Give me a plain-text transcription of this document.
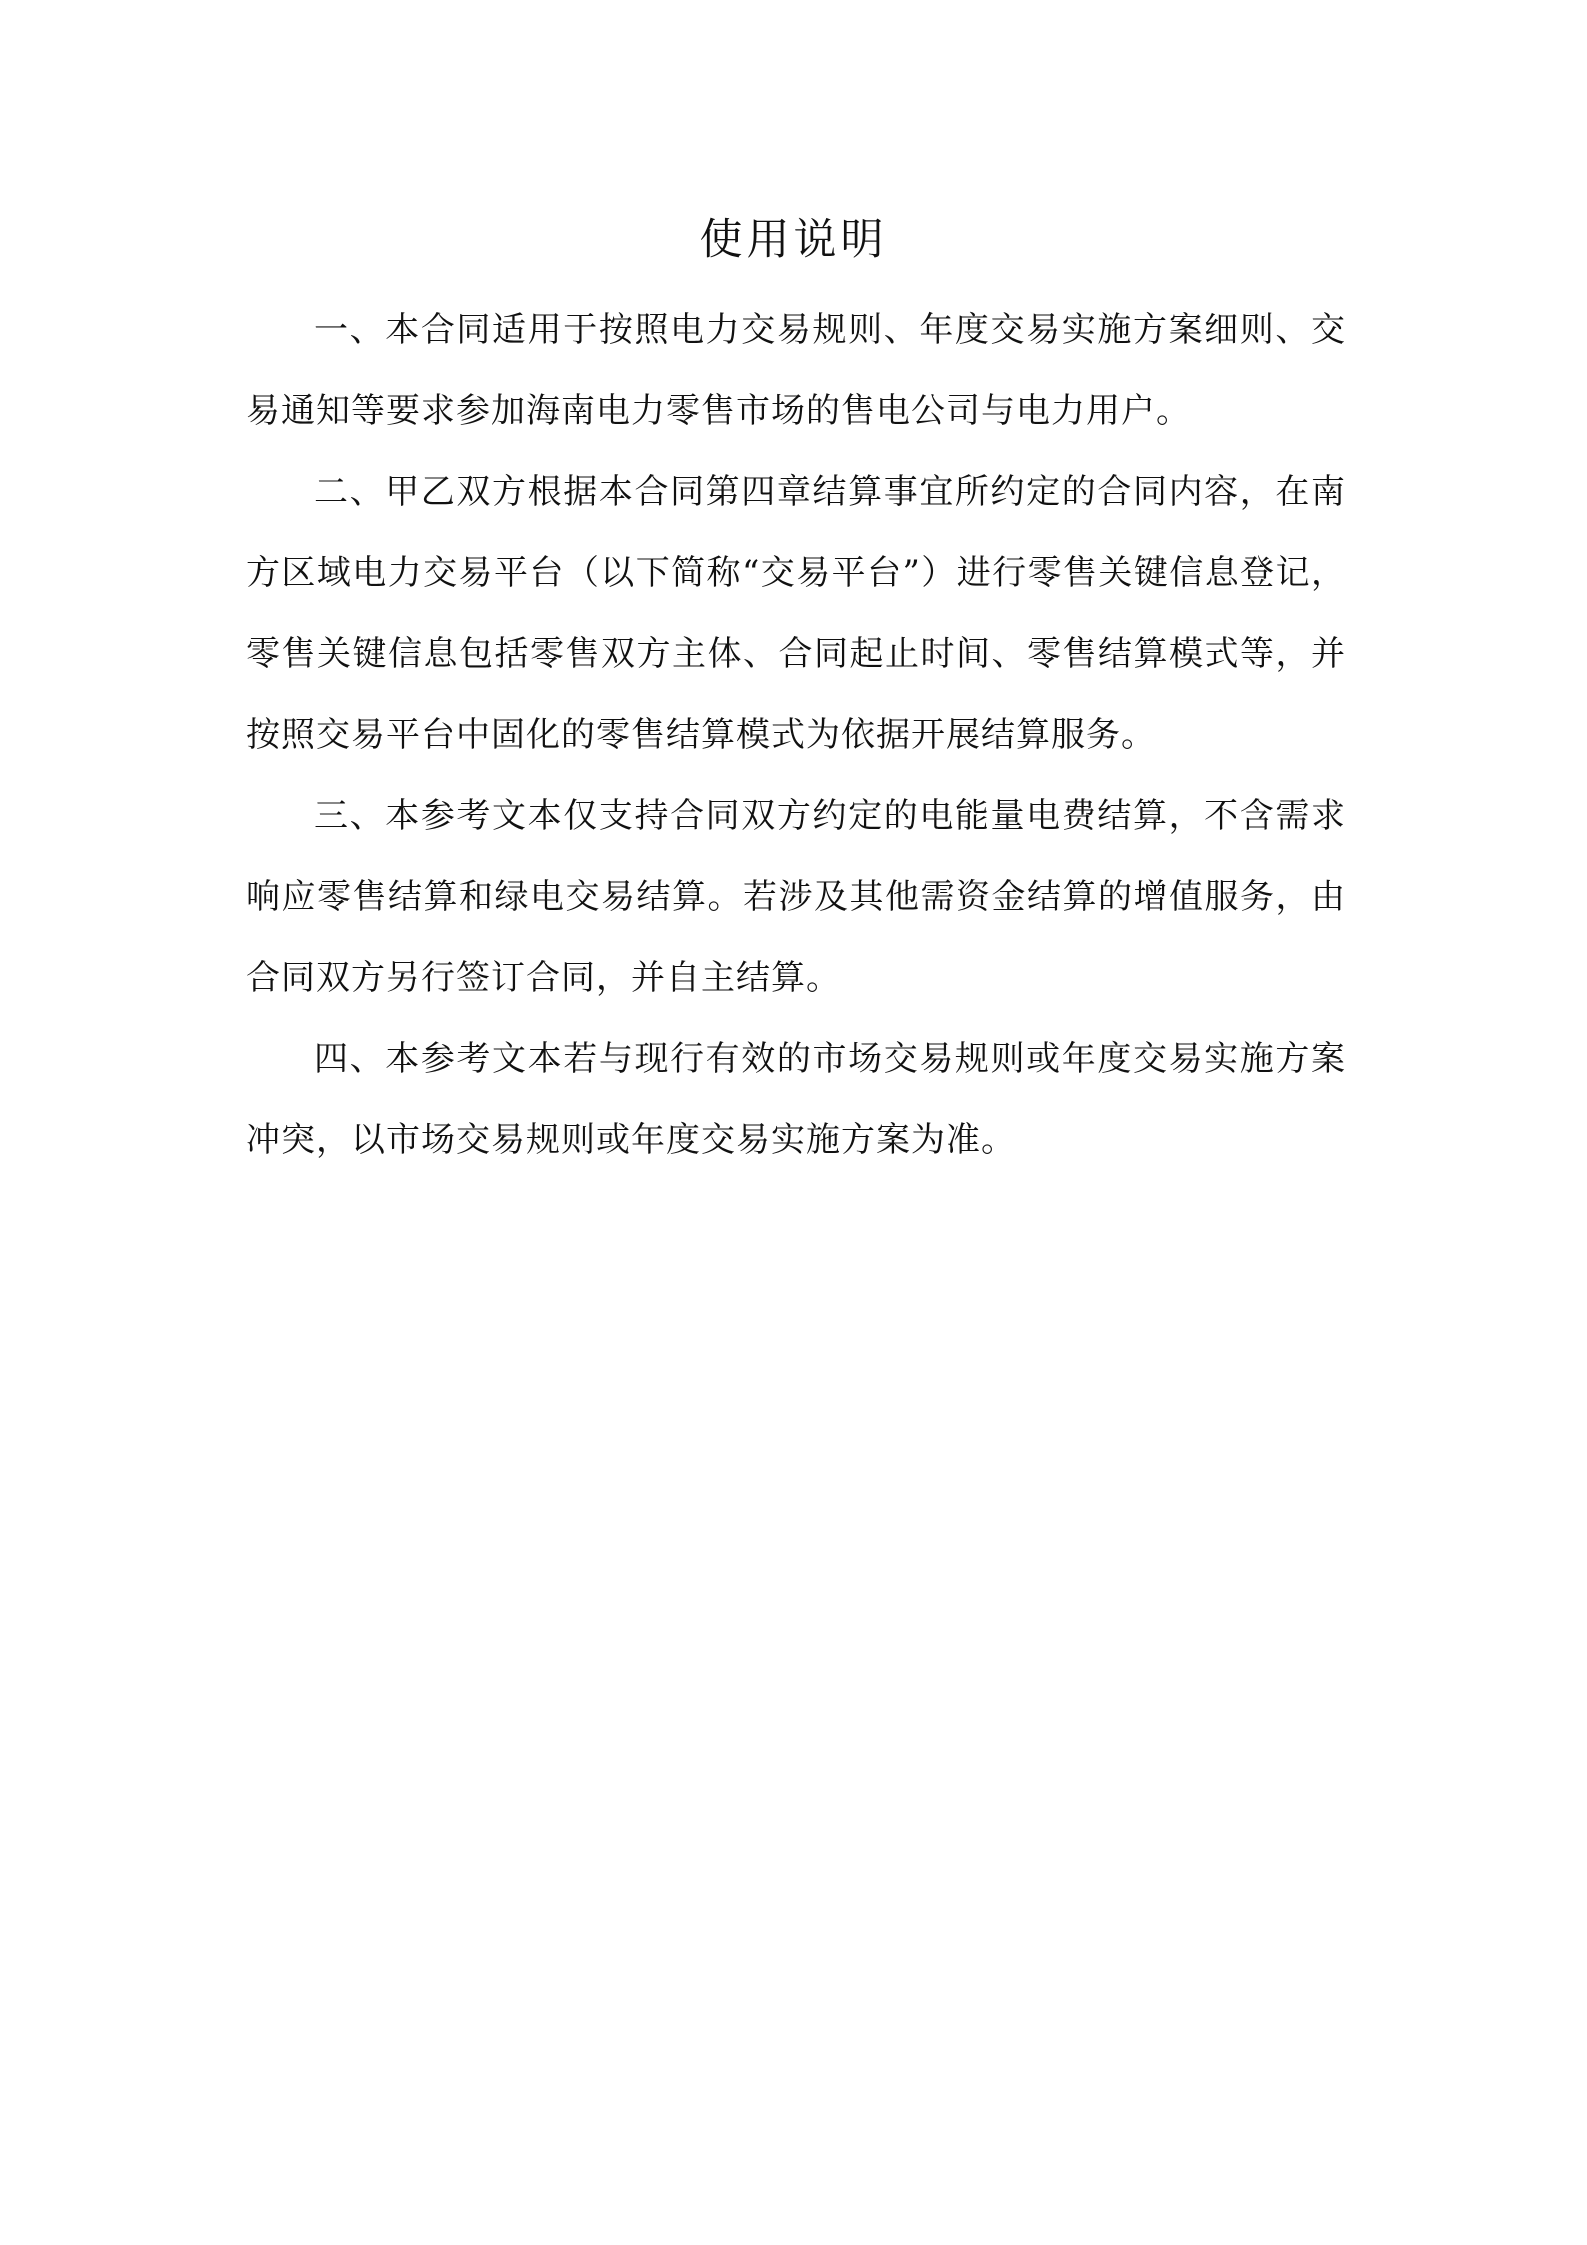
使用说明

一、本合同适用于按照电力交易规则、年度交易实施方案细则、交易通知等要求参加海南电力零售市场的售电公司与电力用户。

二、甲乙双方根据本合同第四章结算事宜所约定的合同内容，在南方区域电力交易平台（以下简称“交易平台”）进行零售关键信息登记，零售关键信息包括零售双方主体、合同起止时间、零售结算模式等，并按照交易平台中固化的零售结算模式为依据开展结算服务。

三、本参考文本仅支持合同双方约定的电能量电费结算，不含需求响应零售结算和绿电交易结算。若涉及其他需资金结算的增值服务，由合同双方另行签订合同，并自主结算。

四、本参考文本若与现行有效的市场交易规则或年度交易实施方案冲突，以市场交易规则或年度交易实施方案为准。
